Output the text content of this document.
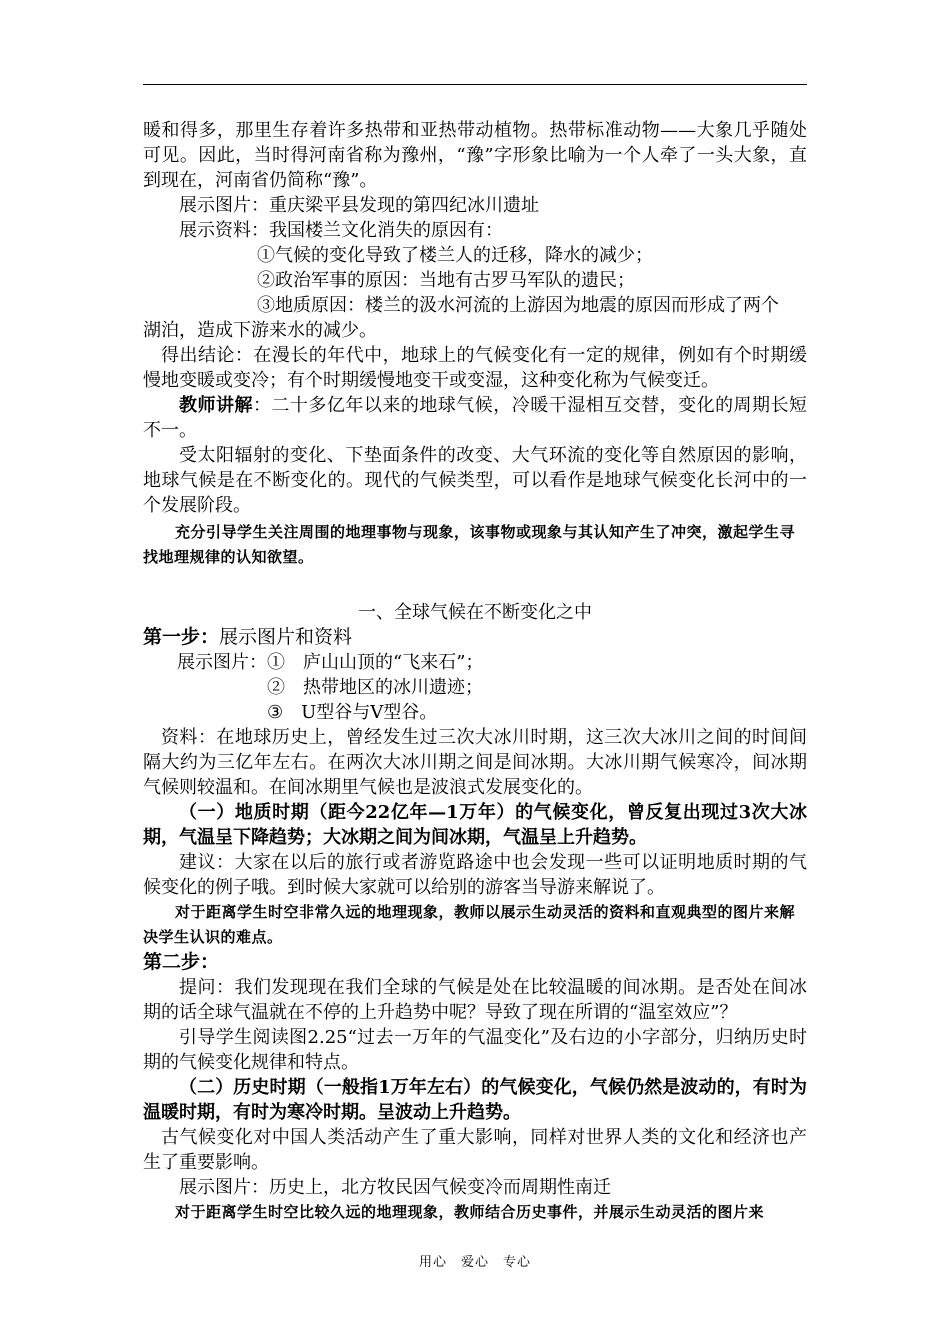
暖和得多，那里生存着许多热带和亚热带动植物。热带标准动物——大象几乎随处可见。因此，当时得河南省称为豫州，“豫”字形象比喻为一个人牵了一头大象，直到现在，河南省仍简称“豫”。

展示图片：重庆梁平县发现的第四纪冰川遗址

展示资料：我国楼兰文化消失的原因有：

①气候的变化导致了楼兰人的迁移，降水的减少；

②政治军事的原因：当地有古罗马军队的遗民；

③地质原因：楼兰的汲水河流的上游因为地震的原因而形成了两个

湖泊，造成下游来水的减少。

得出结论：在漫长的年代中，地球上的气候变化有一定的规律，例如有个时期缓慢地变暖或变冷；有个时期缓慢地变干或变湿，这种变化称为气候变迁。

教师讲解：二十多亿年以来的地球气候，冷暖干湿相互交替，变化的周期长短不一。

受太阳辐射的变化、下垫面条件的改变、大气环流的变化等自然原因的影响，地球气候是在不断变化的。现代的气候类型，可以看作是地球气候变化长河中的一个发展阶段。

充分引导学生关注周围的地理事物与现象，该事物或现象与其认知产生了冲突，激起学生寻找地理规律的认知欲望。

一、全球气候在不断变化之中

第一步：展示图片和资料

展示图片：①　庐山山顶的“飞来石”；

②　热带地区的冰川遗迹；

③　U型谷与V型谷。

资料：在地球历史上，曾经发生过三次大冰川时期，这三次大冰川之间的时间间隔大约为三亿年左右。在两次大冰川期之间是间冰期。大冰川期气候寒冷，间冰期气候则较温和。在间冰期里气候也是波浪式发展变化的。

（一）地质时期（距今22亿年—1万年）的气候变化，曾反复出现过3次大冰期，气温呈下降趋势；大冰期之间为间冰期，气温呈上升趋势。

建议：大家在以后的旅行或者游览路途中也会发现一些可以证明地质时期的气候变化的例子哦。到时候大家就可以给别的游客当导游来解说了。

对于距离学生时空非常久远的地理现象，教师以展示生动灵活的资料和直观典型的图片来解决学生认识的难点。

第二步：

提问：我们发现现在我们全球的气候是处在比较温暖的间冰期。是否处在间冰期的话全球气温就在不停的上升趋势中呢？导致了现在所谓的“温室效应”？

引导学生阅读图2.25“过去一万年的气温变化”及右边的小字部分，归纳历史时期的气候变化规律和特点。

（二）历史时期（一般指1万年左右）的气候变化，气候仍然是波动的，有时为温暖时期，有时为寒冷时期。呈波动上升趋势。

古气候变化对中国人类活动产生了重大影响，同样对世界人类的文化和经济也产生了重要影响。

展示图片：历史上，北方牧民因气候变冷而周期性南迁

对于距离学生时空比较久远的地理现象，教师结合历史事件，并展示生动灵活的图片来

用心　爱心　专心
